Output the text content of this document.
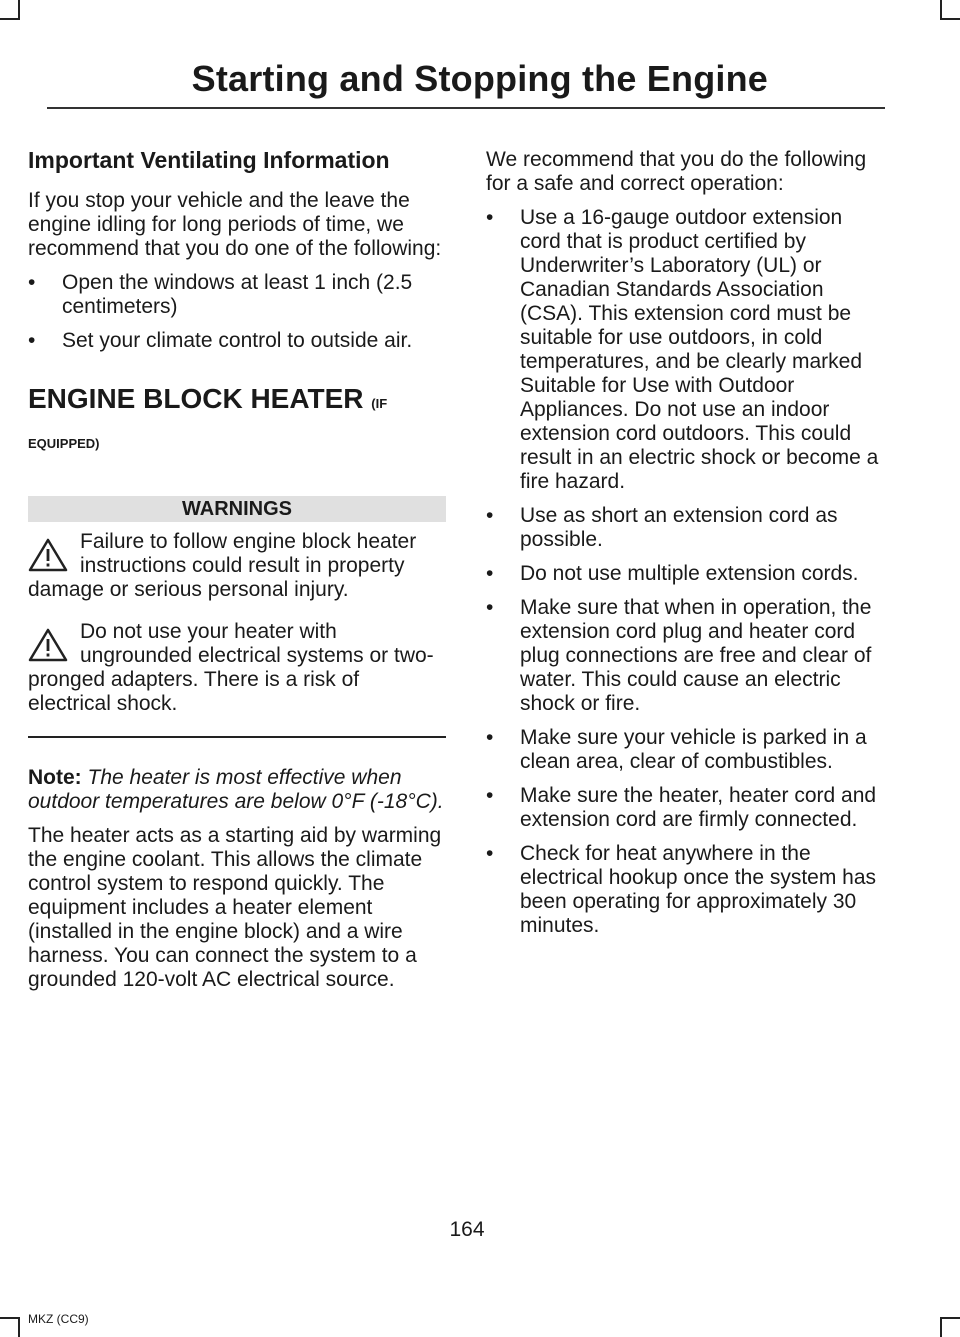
Starting and Stopping the Engine
Important Ventilating Information

If you stop your vehicle and the leave the engine idling for long periods of time, we recommend that you do one of the following:

• Open the windows at least 1 inch (2.5 centimeters)
• Set your climate control to outside air.
ENGINE BLOCK HEATER (IF
EQUIPPED)
WARNINGS
Failure to follow engine block heater instructions could result in property damage or serious personal injury.
Do not use your heater with ungrounded electrical systems or two-pronged adapters. There is a risk of electrical shock.

Note: The heater is most effective when outdoor temperatures are below 0°F (-18°C).

The heater acts as a starting aid by warming the engine coolant. This allows the climate control system to respond quickly. The equipment includes a heater element (installed in the engine block) and a wire harness. You can connect the system to a grounded 120-volt AC electrical source.

We recommend that you do the following for a safe and correct operation:

• Use a 16-gauge outdoor extension cord that is product certified by Underwriter’s Laboratory (UL) or Canadian Standards Association (CSA). This extension cord must be suitable for use outdoors, in cold temperatures, and be clearly marked Suitable for Use with Outdoor Appliances. Do not use an indoor extension cord outdoors. This could result in an electric shock or become a fire hazard.
• Use as short an extension cord as possible.
• Do not use multiple extension cords.
• Make sure that when in operation, the extension cord plug and heater cord plug connections are free and clear of water. This could cause an electric shock or fire.
• Make sure your vehicle is parked in a clean area, clear of combustibles.
• Make sure the heater, heater cord and extension cord are firmly connected.
• Check for heat anywhere in the electrical hookup once the system has been operating for approximately 30 minutes.
164
MKZ (CC9)
